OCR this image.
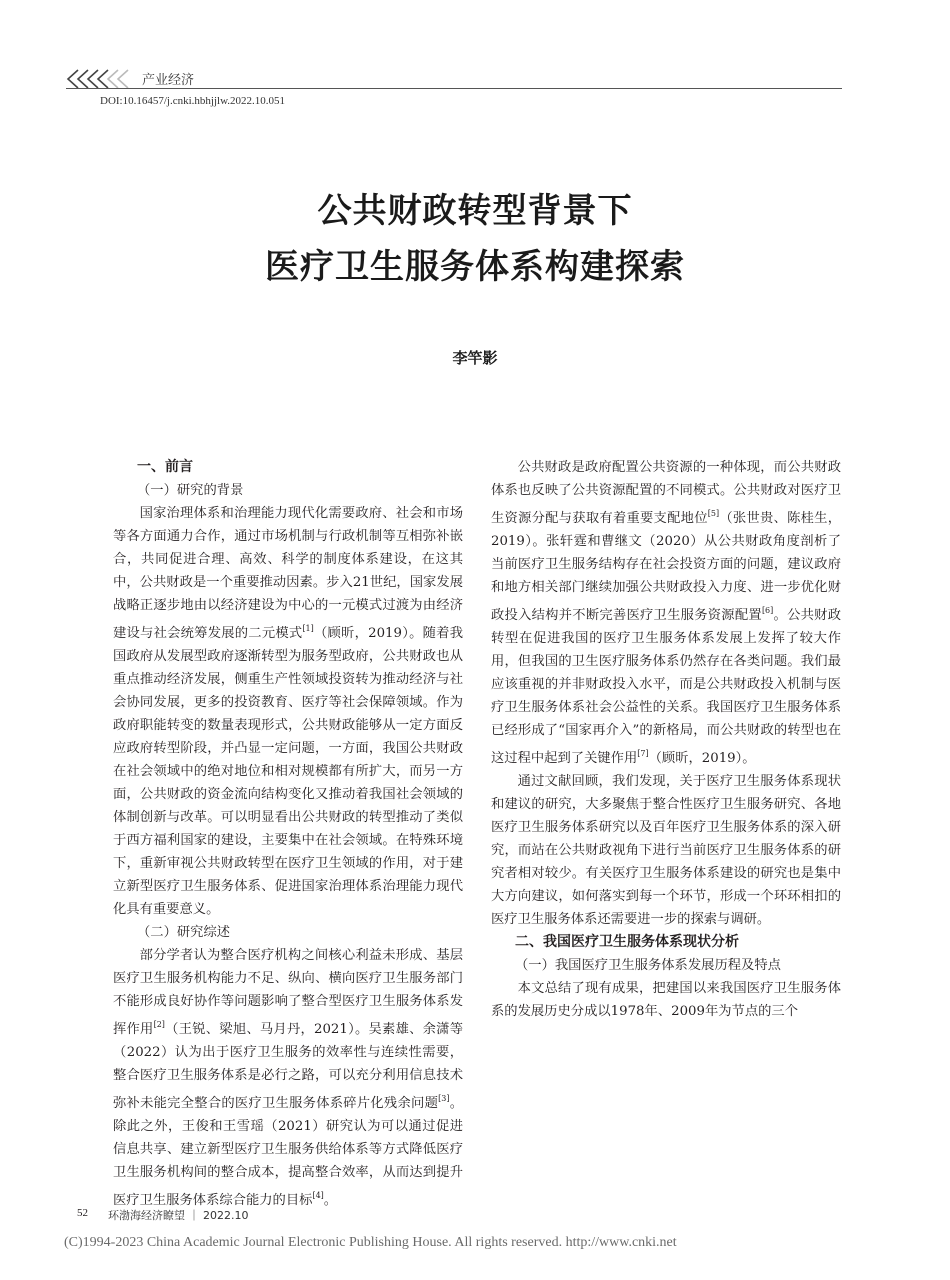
产业经济
DOI:10.16457/j.cnki.hbhjjlw.2022.10.051
公共财政转型背景下
医疗卫生服务体系构建探索
李竿影
一、前言
（一）研究的背景

国家治理体系和治理能力现代化需要政府、社会和市场等各方面通力合作，通过市场机制与行政机制等互相弥补嵌合，共同促进合理、高效、科学的制度体系建设，在这其中，公共财政是一个重要推动因素。步入21世纪，国家发展战略正逐步地由以经济建设为中心的一元模式过渡为由经济建设与社会统筹发展的二元模式[1]（顾昕，2019）。随着我国政府从发展型政府逐渐转型为服务型政府，公共财政也从重点推动经济发展，侧重生产性领域投资转为推动经济与社会协同发展，更多的投资教育、医疗等社会保障领域。作为政府职能转变的数量表现形式，公共财政能够从一定方面反应政府转型阶段，并凸显一定问题，一方面，我国公共财政在社会领域中的绝对地位和相对规模都有所扩大，而另一方面，公共财政的资金流向结构变化又推动着我国社会领域的体制创新与改革。可以明显看出公共财政的转型推动了类似于西方福利国家的建设，主要集中在社会领域。在特殊环境下，重新审视公共财政转型在医疗卫生领域的作用，对于建立新型医疗卫生服务体系、促进国家治理体系治理能力现代化具有重要意义。

（二）研究综述

部分学者认为整合医疗机构之间核心利益未形成、基层医疗卫生服务机构能力不足、纵向、横向医疗卫生服务部门不能形成良好协作等问题影响了整合型医疗卫生服务体系发挥作用[2]（王锐、梁旭、马月丹，2021）。吴素雄、余潇等（2022）认为出于医疗卫生服务的效率性与连续性需要，整合医疗卫生服务体系是必行之路，可以充分利用信息技术弥补未能完全整合的医疗卫生服务体系碎片化残余问题[3]。除此之外，王俊和王雪瑶（2021）研究认为可以通过促进信息共享、建立新型医疗卫生服务供给体系等方式降低医疗卫生服务机构间的整合成本，提高整合效率，从而达到提升医疗卫生服务体系综合能力的目标[4]。

公共财政是政府配置公共资源的一种体现，而公共财政体系也反映了公共资源配置的不同模式。公共财政对医疗卫生资源分配与获取有着重要支配地位[5]（张世贵、陈桂生，2019）。张轩霆和曹继文（2020）从公共财政角度剖析了当前医疗卫生服务结构存在社会投资方面的问题，建议政府和地方相关部门继续加强公共财政投入力度、进一步优化财政投入结构并不断完善医疗卫生服务资源配置[6]。公共财政转型在促进我国的医疗卫生服务体系发展上发挥了较大作用，但我国的卫生医疗服务体系仍然存在各类问题。我们最应该重视的并非财政投入水平，而是公共财政投入机制与医疗卫生服务体系社会公益性的关系。我国医疗卫生服务体系已经形成了“国家再介入”的新格局，而公共财政的转型也在这过程中起到了关键作用[7]（顾昕，2019）。

通过文献回顾，我们发现，关于医疗卫生服务体系现状和建议的研究，大多聚焦于整合性医疗卫生服务研究、各地医疗卫生服务体系研究以及百年医疗卫生服务体系的深入研究，而站在公共财政视角下进行当前医疗卫生服务体系的研究者相对较少。有关医疗卫生服务体系建设的研究也是集中大方向建议，如何落实到每一个环节，形成一个环环相扣的医疗卫生服务体系还需要进一步的探索与调研。

二、我国医疗卫生服务体系现状分析
（一）我国医疗卫生服务体系发展历程及特点

本文总结了现有成果，把建国以来我国医疗卫生服务体系的发展历史分成以1978年、2009年为节点的三个

52 环渤海经济瞭望 ｜ 2022.10
(C)1994-2023 China Academic Journal Electronic Publishing House. All rights reserved. http://www.cnki.net
